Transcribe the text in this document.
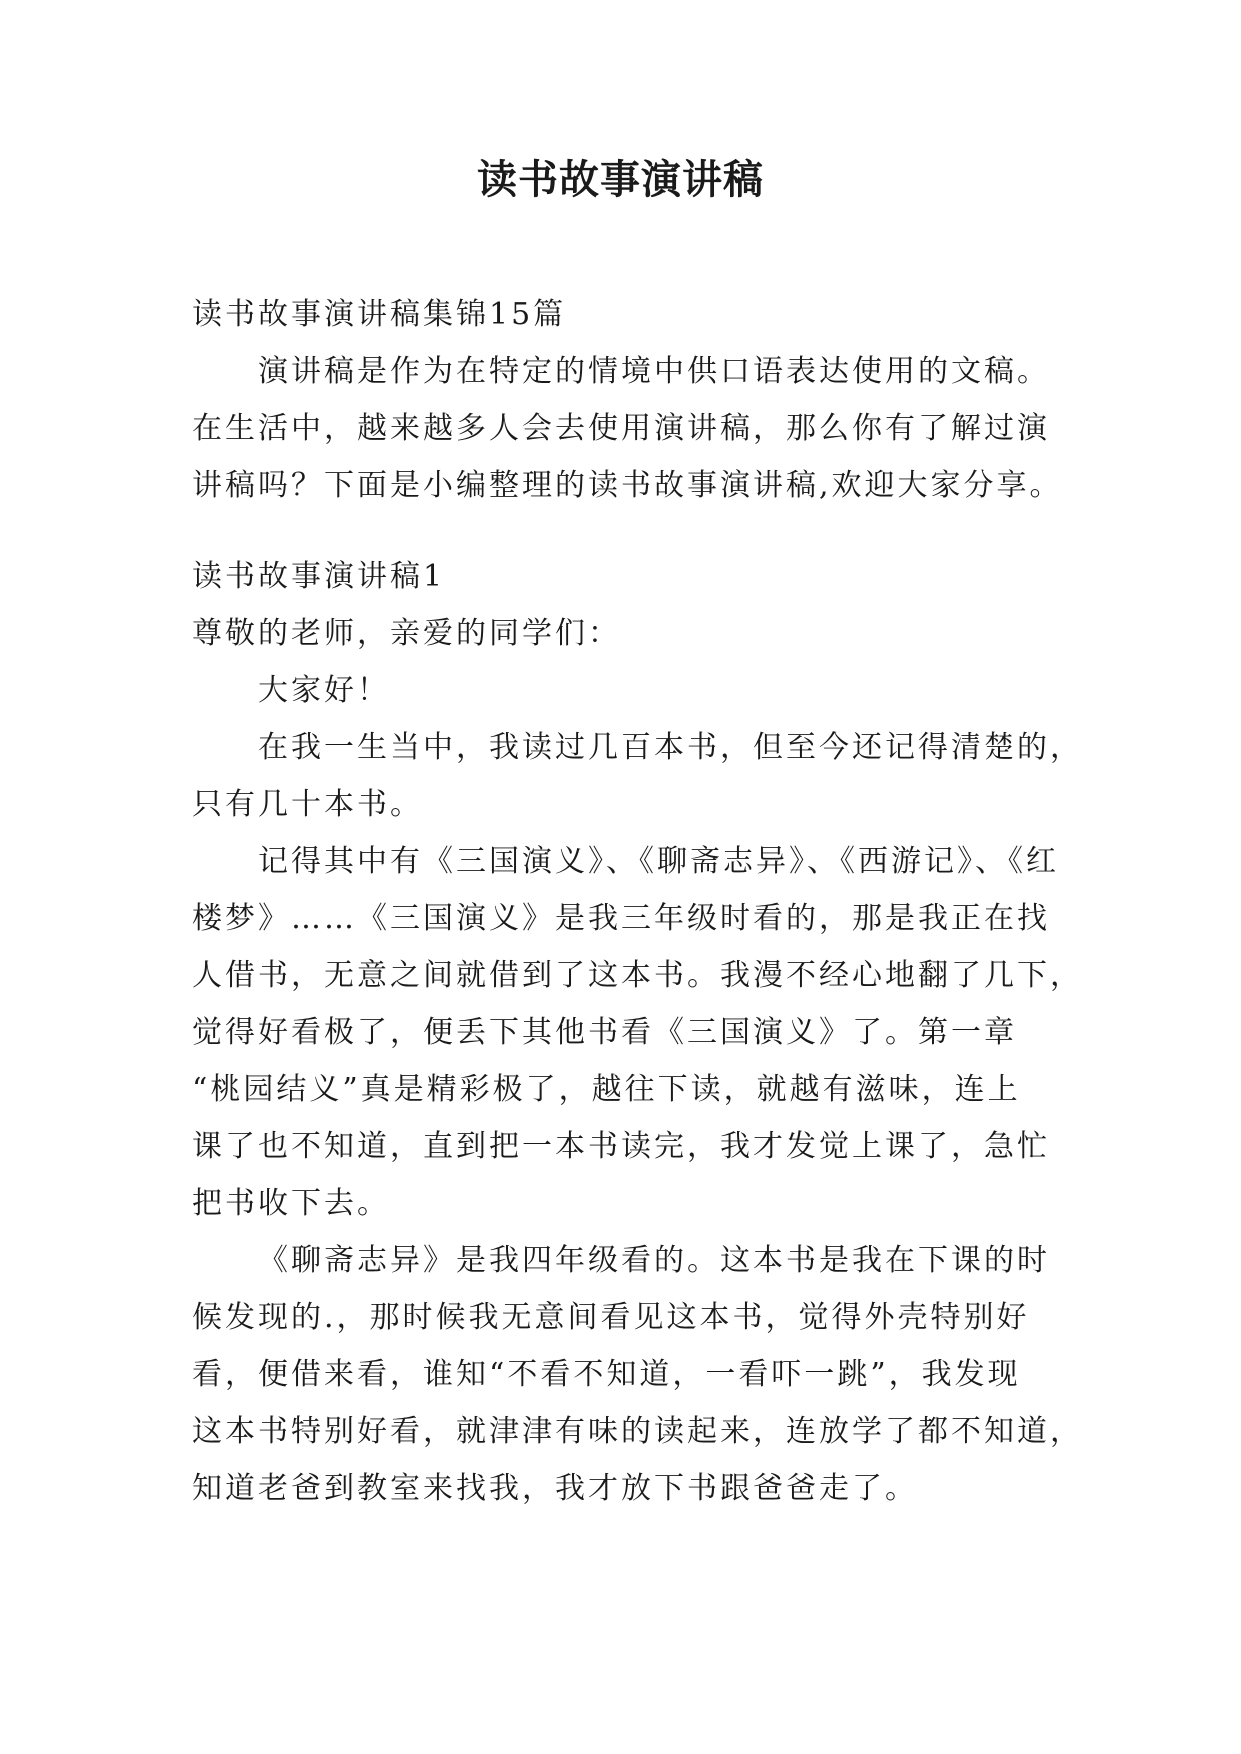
读书故事演讲稿
读书故事演讲稿集锦15篇
演讲稿是作为在特定的情境中供口语表达使用的文稿。
在生活中，越来越多人会去使用演讲稿，那么你有了解过演
讲稿吗？下面是小编整理的读书故事演讲稿,欢迎大家分享。
读书故事演讲稿1
尊敬的老师，亲爱的同学们：
大家好！
在我一生当中，我读过几百本书，但至今还记得清楚的，
只有几十本书。
记得其中有《三国演义》、《聊斋志异》、《西游记》、《红
楼梦》……《三国演义》是我三年级时看的，那是我正在找
人借书，无意之间就借到了这本书。我漫不经心地翻了几下，
觉得好看极了，便丢下其他书看《三国演义》了。第一章
“桃园结义”真是精彩极了，越往下读，就越有滋味，连上
课了也不知道，直到把一本书读完，我才发觉上课了，急忙
把书收下去。
《聊斋志异》是我四年级看的。这本书是我在下课的时
候发现的.，那时候我无意间看见这本书，觉得外壳特别好
看，便借来看，谁知“不看不知道，一看吓一跳”，我发现
这本书特别好看，就津津有味的读起来，连放学了都不知道，
知道老爸到教室来找我，我才放下书跟爸爸走了。
